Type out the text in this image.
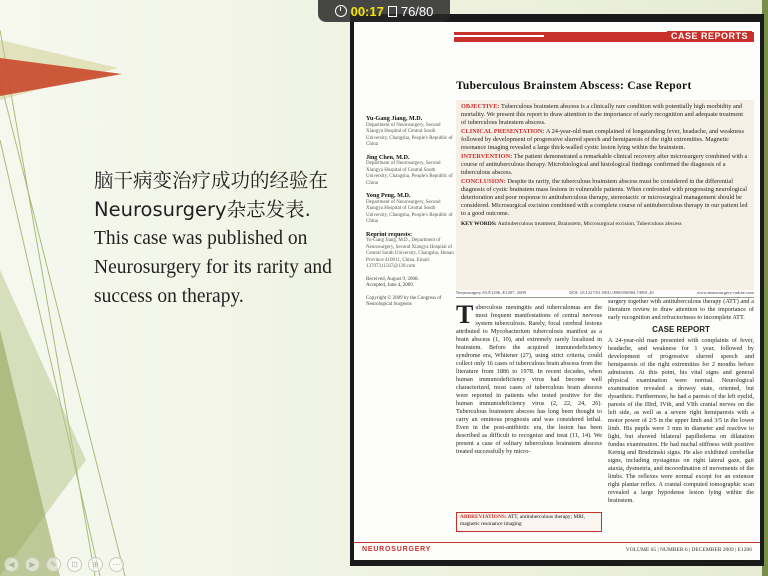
脑干病变治疗成功的经验在Neurosurgery杂志发表.
This case was published on Neurosurgery for its rarity and success on therapy.
CASE REPORTS
Tuberculous Brainstem Abscess: Case Report
Yu-Gang Jiang, M.D.
Department of Neurosurgery, Second Xiangya Hospital of Central South University, Changsha, People's Republic of China
Jing Chen, M.D.
Department of Neurosurgery, Second Xiangya Hospital of Central South University, Changsha, People's Republic of China
Yong Peng, M.D.
Department of Neurosurgery, Second Xiangya Hospital of Central South University, Changsha, People's Republic of China
Reprint requests:
Yu-Gang Jiang, M.D., Department of Neurosurgery, Second Xiangya Hospital of Central South University, Changsha, Hunan Province 410011, China. Email: 13707311567@139.com
Received, August 9, 2008.
Accepted, June 4, 2009.
Copyright © 2009 by the Congress of Neurological Surgeons

OBJECTIVE: Tuberculous brainstem abscess is a clinically rare condition with potentially high morbidity and mortality. We present this report to draw attention to the importance of early recognition and adequate treatment of tuberculous brainstem abscess.

CLINICAL PRESENTATION: A 24-year-old man complained of longstanding fever, headache, and weakness followed by development of progressive slurred speech and hemiparesis of the right extremities. Magnetic resonance imaging revealed a large thick-walled cystic lesion lying within the brainstem.

INTERVENTION: The patient demonstrated a remarkable clinical recovery after microsurgery combined with a course of antituberculous therapy. Microbiological and histological findings confirmed the diagnosis of a tuberculous abscess.

CONCLUSION: Despite its rarity, the tuberculous brainstem abscess must be considered in the differential diagnosis of cystic brainstem mass lesions in vulnerable patients. When confronted with progressing neurological deterioration and poor response to antituberculous therapy, stereotactic or microsurgical management should be considered. Microsurgical excision combined with a complete course of antituberculous therapy in our patient led to a good outcome.

KEY WORDS: Antituberculous treatment, Brainstem, Microsurgical excision, Tuberculous abscess

Neurosurgery 65:E1206–E1207, 2009	DOI: 10.1227/01.NEU.0000356984.74981.20	www.neurosurgery-online.com
T uberculous meningitis and tuberculomas are the most frequent manifestations of central nervous system tuberculosis. Rarely, focal cerebral lesions attributed to Mycobacterium tuberculosis manifest as a brain abscess (1, 10), and extremely rarely localized in brainstem. Before the acquired immunodeficiency syndrome era, Whitener (27), using strict criteria, could collect only 16 cases of tuberculous brain abscess from the literature from 1886 to 1978. In recent decades, when human immunodeficiency virus had become well characterized, most cases of tuberculous brain abscess were reported in patients who tested positive for the human immunodeficiency virus (2, 22, 24, 26). Tuberculous brainstem abscess has long been thought to carry an ominous prognosis and was considered lethal. Even in the post-antibiotic era, the lesion has been described as difficult to recognize and treat (11, 14). We present a case of solitary tuberculous brainstem abscess treated successfully by micro-
surgery together with antituberculous therapy (ATT) and a literature review to draw attention to the importance of early recognition and refractoriness to incomplete ATT.
CASE REPORT
A 24-year-old man presented with complaints of fever, headache, and weakness for 1 year, followed by development of progressive slurred speech and hemiparesis of the right extremities for 2 months before admission. At this point, his vital signs and general physical examination were normal. Neurological examination revealed a drowsy state, oriented, but dysarthric. Furthermore, he had a paresis of the left eyelid, paresis of the IIIrd, IVth, and VIth cranial nerves on the left side, as well as a severe right hemiparesis with a motor power of 2/5 in the upper limb and 3/5 in the lower limb. His pupils were 3 mm in diameter and reactive to light, but showed bilateral papilledema on dilatation fundus examination. He had nuchal stiffness with positive Kernig and Brudzinski signs. He also exhibited cerebellar signs, including nystagmus on right lateral gaze, gait ataxia, dysmetria, and incoordination of movements of the limbs. The reflexes were normal except for an extensor right plantar reflex. A cranial computed tomographic scan revealed a large hypodense lesion lying within the brainstem.
ABBREVIATIONS: ATT, antituberculous therapy; MRI, magnetic resonance imaging
NEUROSURGERY	VOLUME 65 | NUMBER 6 | DECEMBER 2009 | E1206
◀	▶	✎	⊡	⊕	⋯
00:17 76/80
